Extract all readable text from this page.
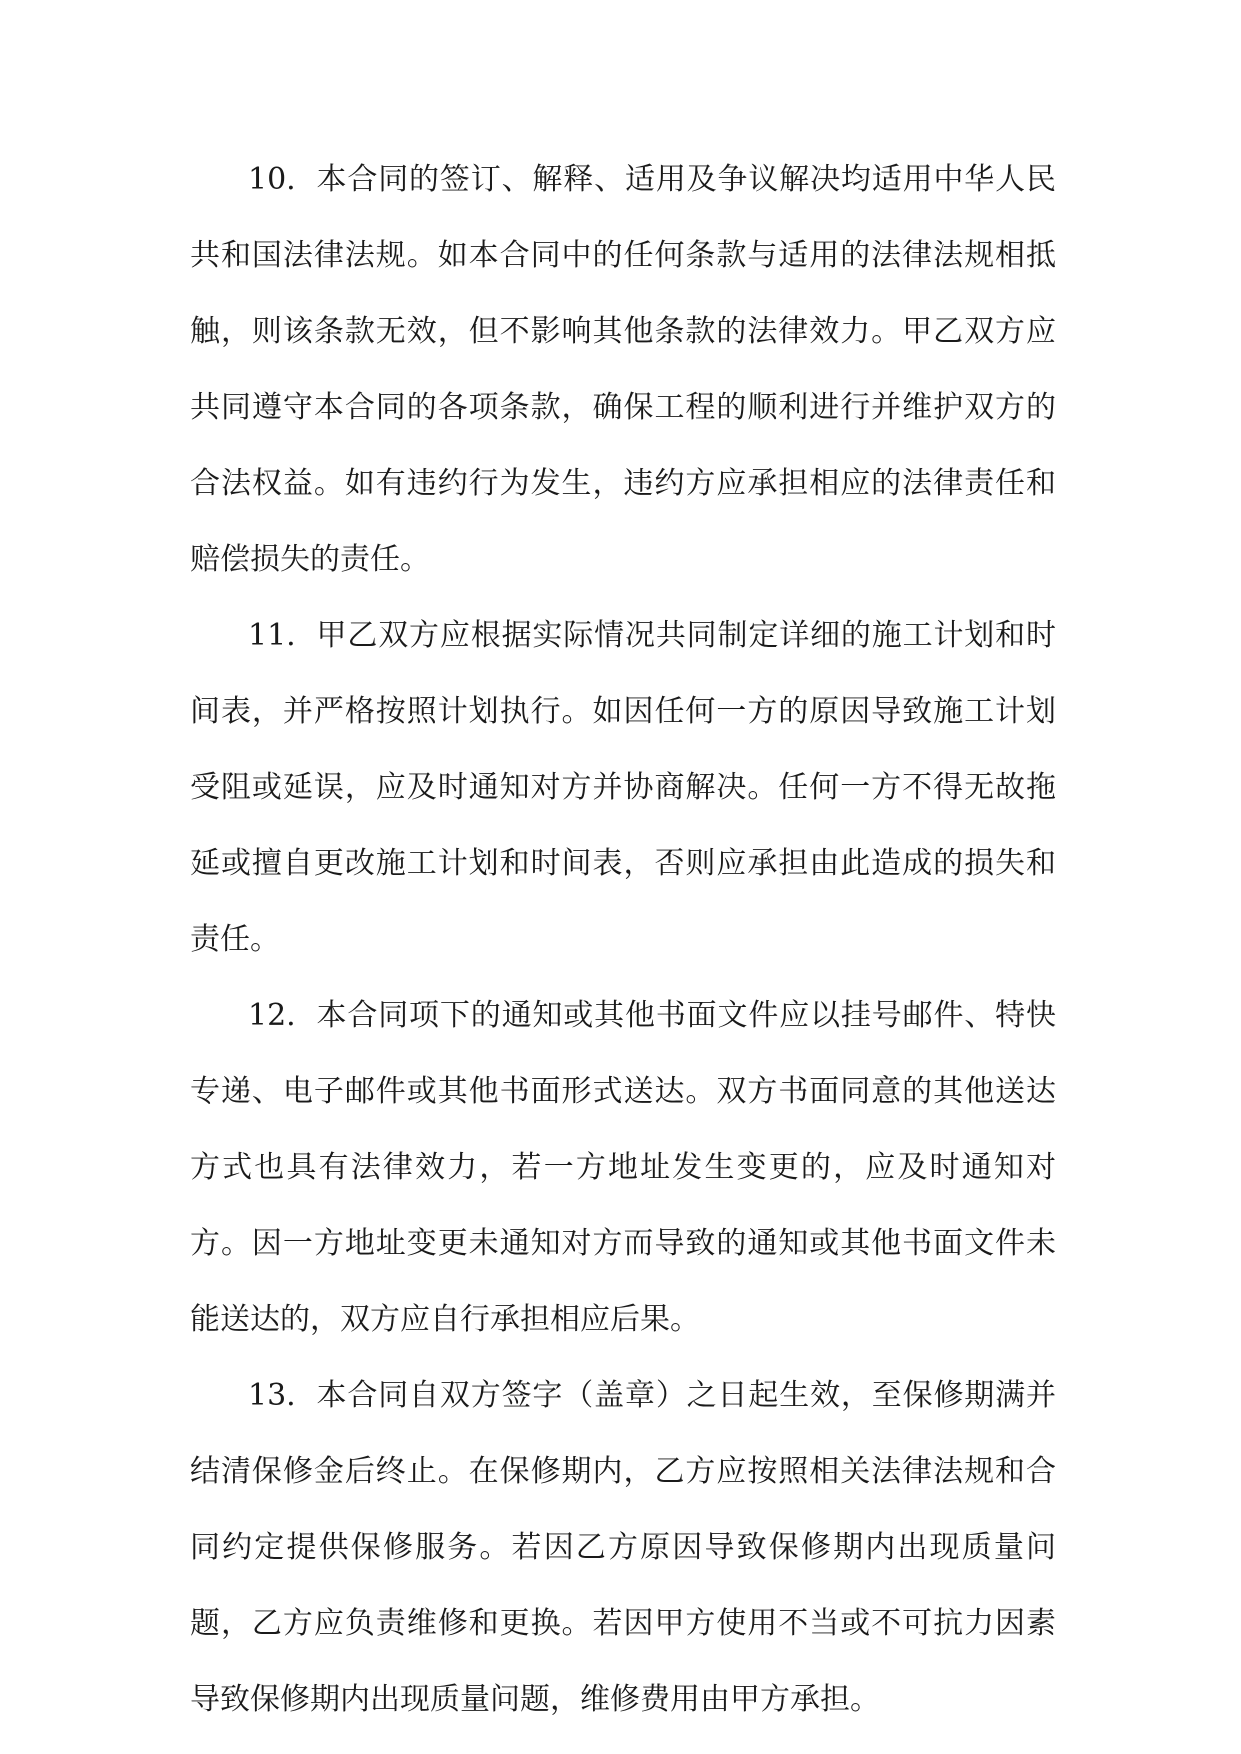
10. 本合同的签订、解释、适用及争议解决均适用中华人民共和国法律法规。如本合同中的任何条款与适用的法律法规相抵触，则该条款无效，但不影响其他条款的法律效力。甲乙双方应共同遵守本合同的各项条款，确保工程的顺利进行并维护双方的合法权益。如有违约行为发生，违约方应承担相应的法律责任和赔偿损失的责任。

11. 甲乙双方应根据实际情况共同制定详细的施工计划和时间表，并严格按照计划执行。如因任何一方的原因导致施工计划受阻或延误，应及时通知对方并协商解决。任何一方不得无故拖延或擅自更改施工计划和时间表，否则应承担由此造成的损失和责任。

12. 本合同项下的通知或其他书面文件应以挂号邮件、特快专递、电子邮件或其他书面形式送达。双方书面同意的其他送达方式也具有法律效力，若一方地址发生变更的，应及时通知对方。因一方地址变更未通知对方而导致的通知或其他书面文件未能送达的，双方应自行承担相应后果。

13. 本合同自双方签字（盖章）之日起生效，至保修期满并结清保修金后终止。在保修期内，乙方应按照相关法律法规和合同约定提供保修服务。若因乙方原因导致保修期内出现质量问题，乙方应负责维修和更换。若因甲方使用不当或不可抗力因素导致保修期内出现质量问题，维修费用由甲方承担。
